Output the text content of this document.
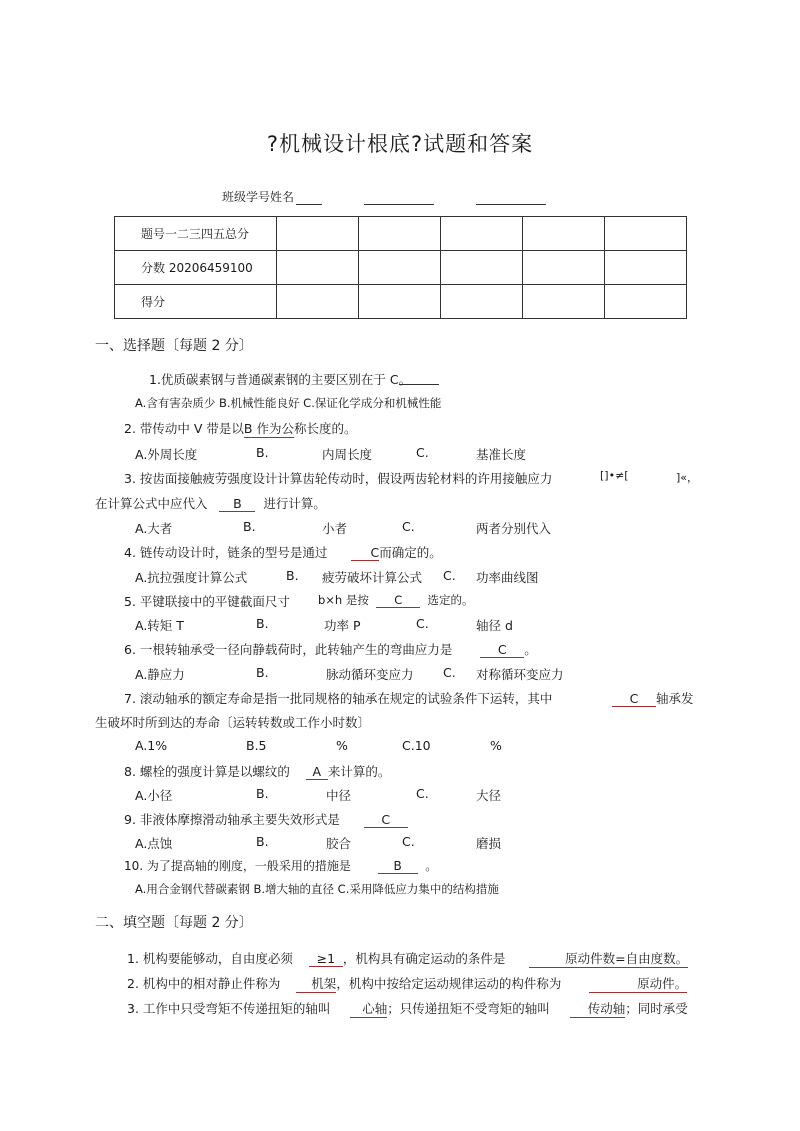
?机械设计根底?试题和答案
班级学号姓名
题号一二三四五总分					
分数 20206459100					
得分					
一、选择题〔每题 2 分〕
1.优质碳素钢与普通碳素钢的主要区别在于 C。
A.含有害杂质少 B.机械性能良好 C.保证化学成分和机械性能
2. 带传动中 V 带是以B 作为公称长度的。
A.外周长度	B.	内周长度	C.	基准长度
3. 按齿面接触疲劳强度设计计算齿轮传动时，假设两齿轮材料的许用接触应力	[]•≠[	]«，
在计算公式中应代入 B 进行计算。
A.大者	B.	小者	C.	两者分别代入
4. 链传动设计时，链条的型号是通过	C而确定的。
A.抗拉强度计算公式	B. 疲劳破坏计算公式 C. 功率曲线图
5. 平键联接中的平键截面尺寸 b×h 是按 C 选定的。
A.转矩 T	B.	功率 P	C.	轴径 d
6. 一根转轴承受一径向静载荷时，此转轴产生的弯曲应力是	C 。
A.静应力	B.	脉动循环变应力 C. 对称循环变应力
7. 滚动轴承的额定寿命是指一批同规格的轴承在规定的试验条件下运转，其中	C 轴承发
生破坏时所到达的寿命〔运转转数或工作小时数〕
A.1%	B.5	%	C.10	%
8. 螺栓的强度计算是以螺纹的 A 来计算的。
A.小径	B.	中径	C.	大径
9. 非液体摩擦滑动轴承主要失效形式是	C
A.点蚀	B.	胶合	C.	磨损
10. 为了提高轴的刚度，一般采用的措施是	B 。
A.用合金钢代替碳素钢 B.增大轴的直径 C.采用降低应力集中的结构措施
二、填空题〔每题 2 分〕
1. 机构要能够动，自由度必须 ≥1 ，机构具有确定运动的条件是	原动件数=自由度数。
2. 机构中的相对静止件称为 机架，机构中按给定运动规律运动的构件称为	原动件。
3. 工作中只受弯矩不传递扭矩的轴叫	心轴；只传递扭矩不受弯矩的轴叫	传动轴；同时承受
